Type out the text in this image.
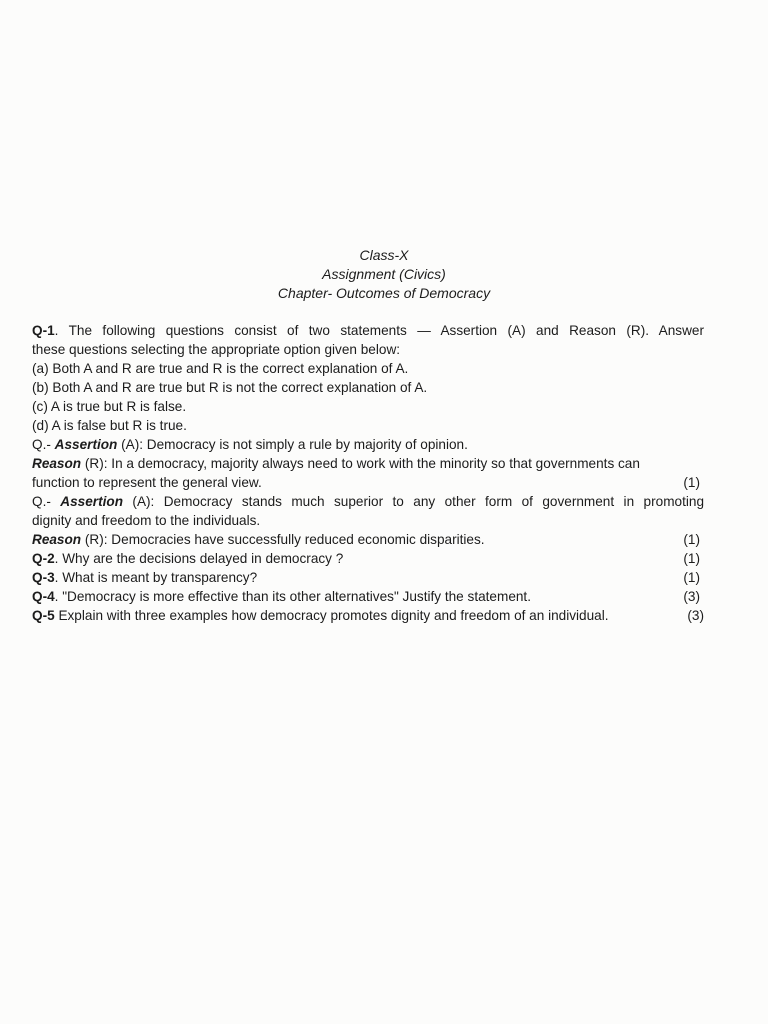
Class-X
Assignment (Civics)
Chapter- Outcomes of Democracy
Q-1. The following questions consist of two statements — Assertion (A) and Reason (R). Answer
these questions selecting the appropriate option given below:
(a) Both A and R are true and R is the correct explanation of A.
(b) Both A and R are true but R is not the correct explanation of A.
(c) A is true but R is false.
(d) A is false but R is true.
Q.- Assertion (A): Democracy is not simply a rule by majority of opinion.
Reason (R): In a democracy, majority always need to work with the minority so that governments can
function to represent the general view.	(1)
Q.- Assertion (A): Democracy stands much superior to any other form of government in promoting
dignity and freedom to the individuals.
Reason (R): Democracies have successfully reduced economic disparities.	(1)
Q-2. Why are the decisions delayed in democracy ?	(1)
Q-3. What is meant by transparency?	(1)
Q-4. "Democracy is more effective than its other alternatives" Justify the statement.	(3)
Q-5 Explain with three examples how democracy promotes dignity and freedom of an individual.	(3)
